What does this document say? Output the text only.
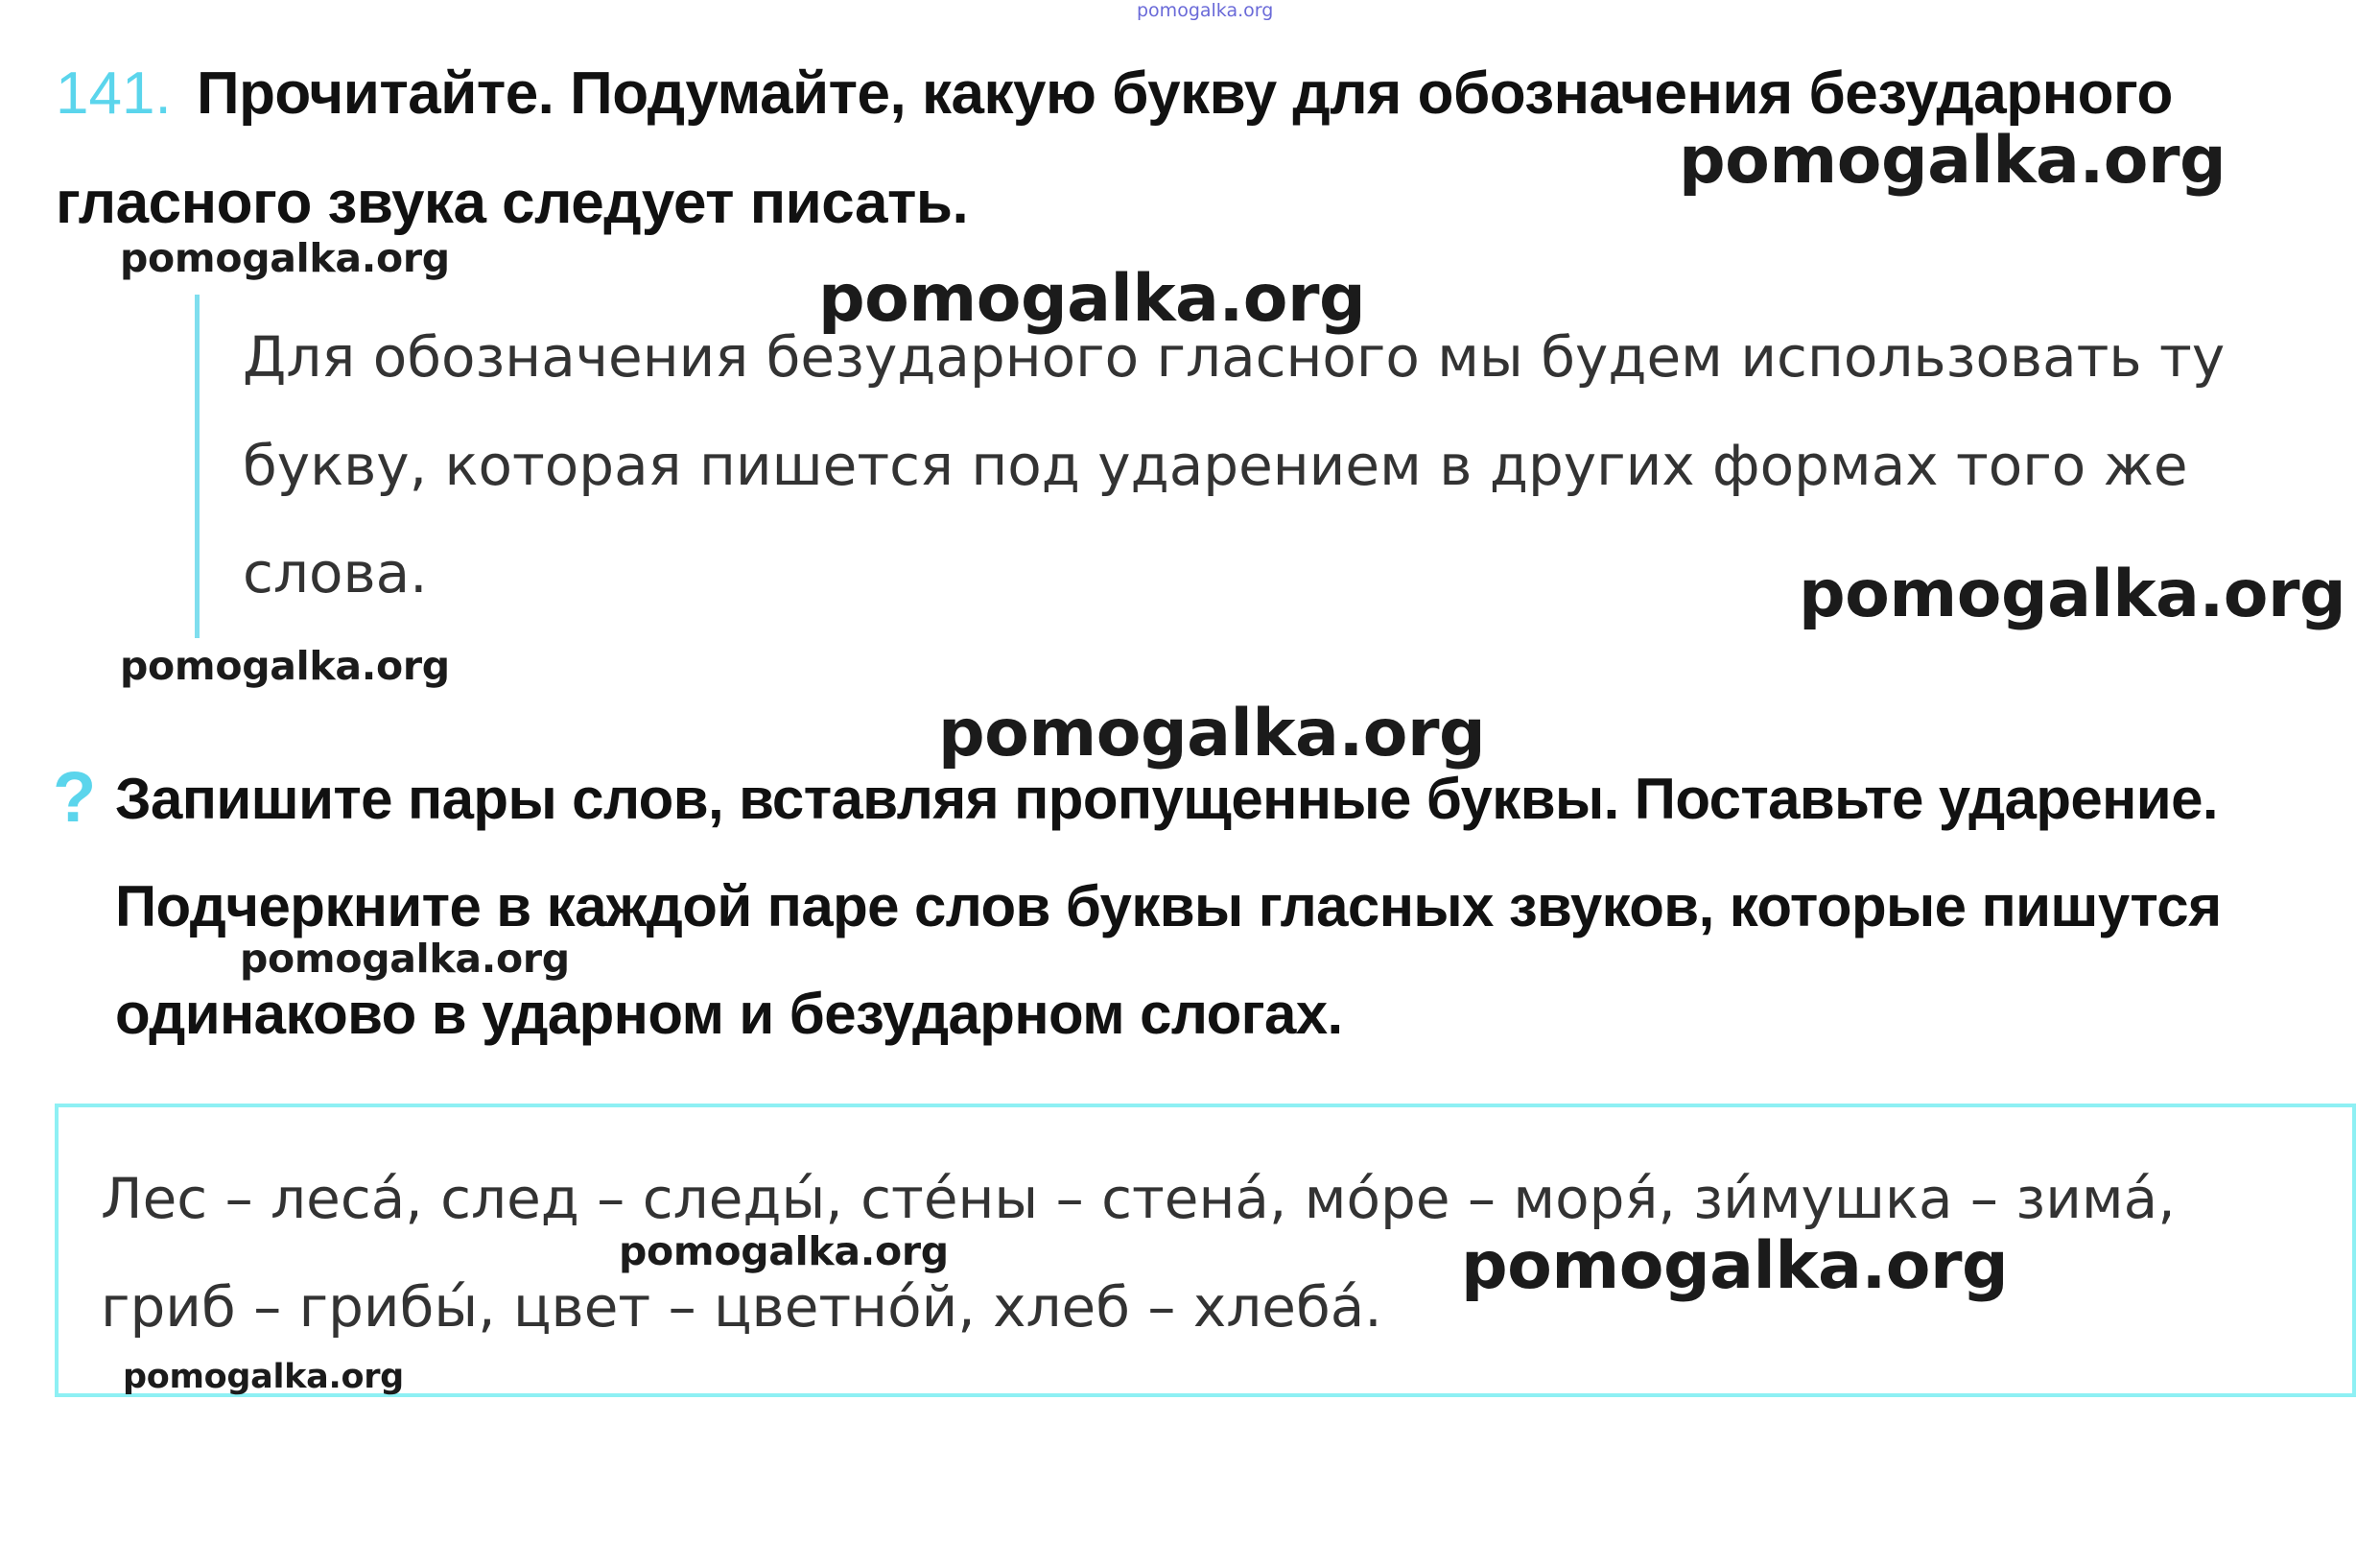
pomogalka.org
141. Прочитайте. Подумайте, какую букву для обозначения безударного
гласного звука следует писать.
Для обозначения безударного гласного мы будем использовать ту
букву, которая пишется под ударением в других формах того же
слова.
? Запишите пары слов, вставляя пропущенные буквы. Поставьте ударение.
Подчеркните в каждой паре слов буквы гласных звуков, которые пишутся
одинаково в ударном и безударном слогах.
Лес – леса́, след – следы́, сте́ны – стена́, мо́ре – моря́, зи́мушка – зима́,
гриб – грибы́, цвет – цветно́й, хлеб – хлеба́.
pomogalka.org
pomogalka.org
pomogalka.org
pomogalka.org
pomogalka.org
pomogalka.org
pomogalka.org
pomogalka.org	pomogalka.org
pomogalka.org
